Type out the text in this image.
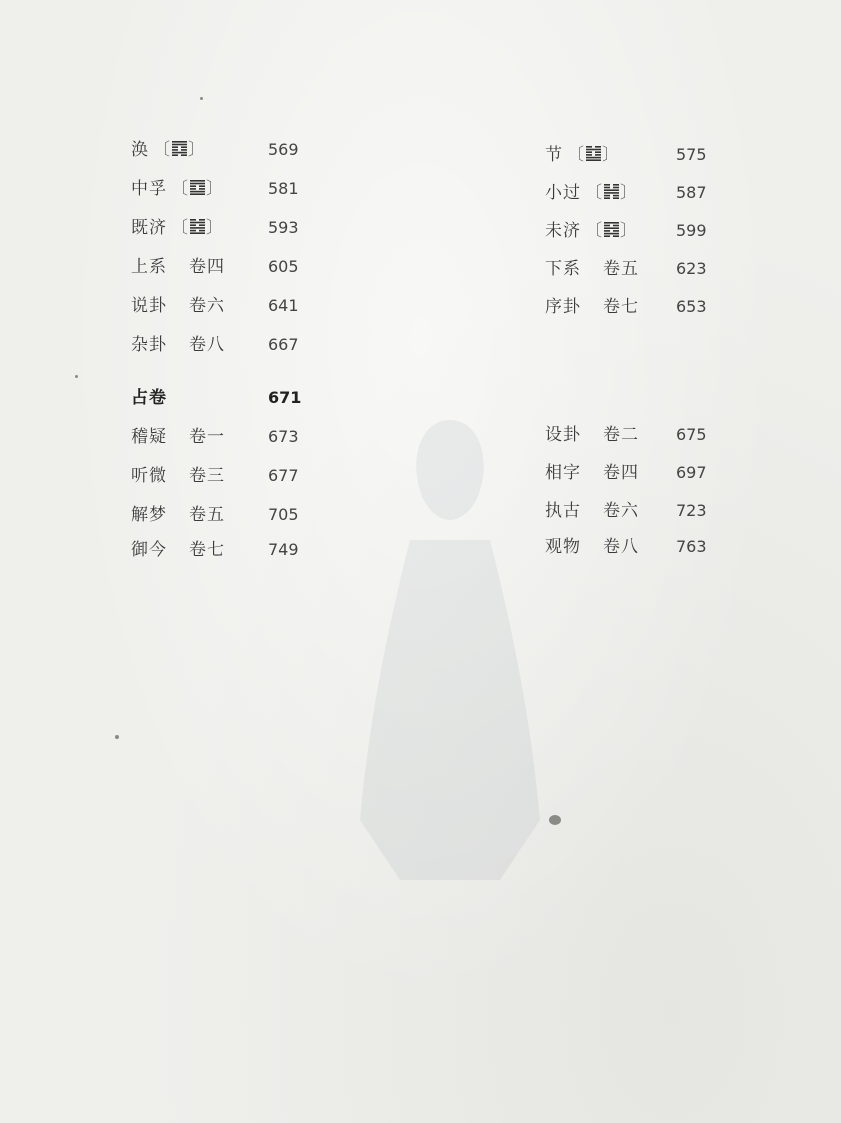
涣 〔 〕	569
中孚 〔 〕	581
既济 〔 〕	593
上系 卷四	605
说卦 卷六	641
杂卦 卷八	667
占卷	671
稽疑 卷一	673
听微 卷三	677
解梦 卷五	705
御今 卷七	749
节 〔 〕	575
小过 〔 〕 587
未济 〔 〕 599
下系 卷五 623
序卦 卷七 653
设卦 卷二 675
相字 卷四 697
执古 卷六 723
观物 卷八 763
